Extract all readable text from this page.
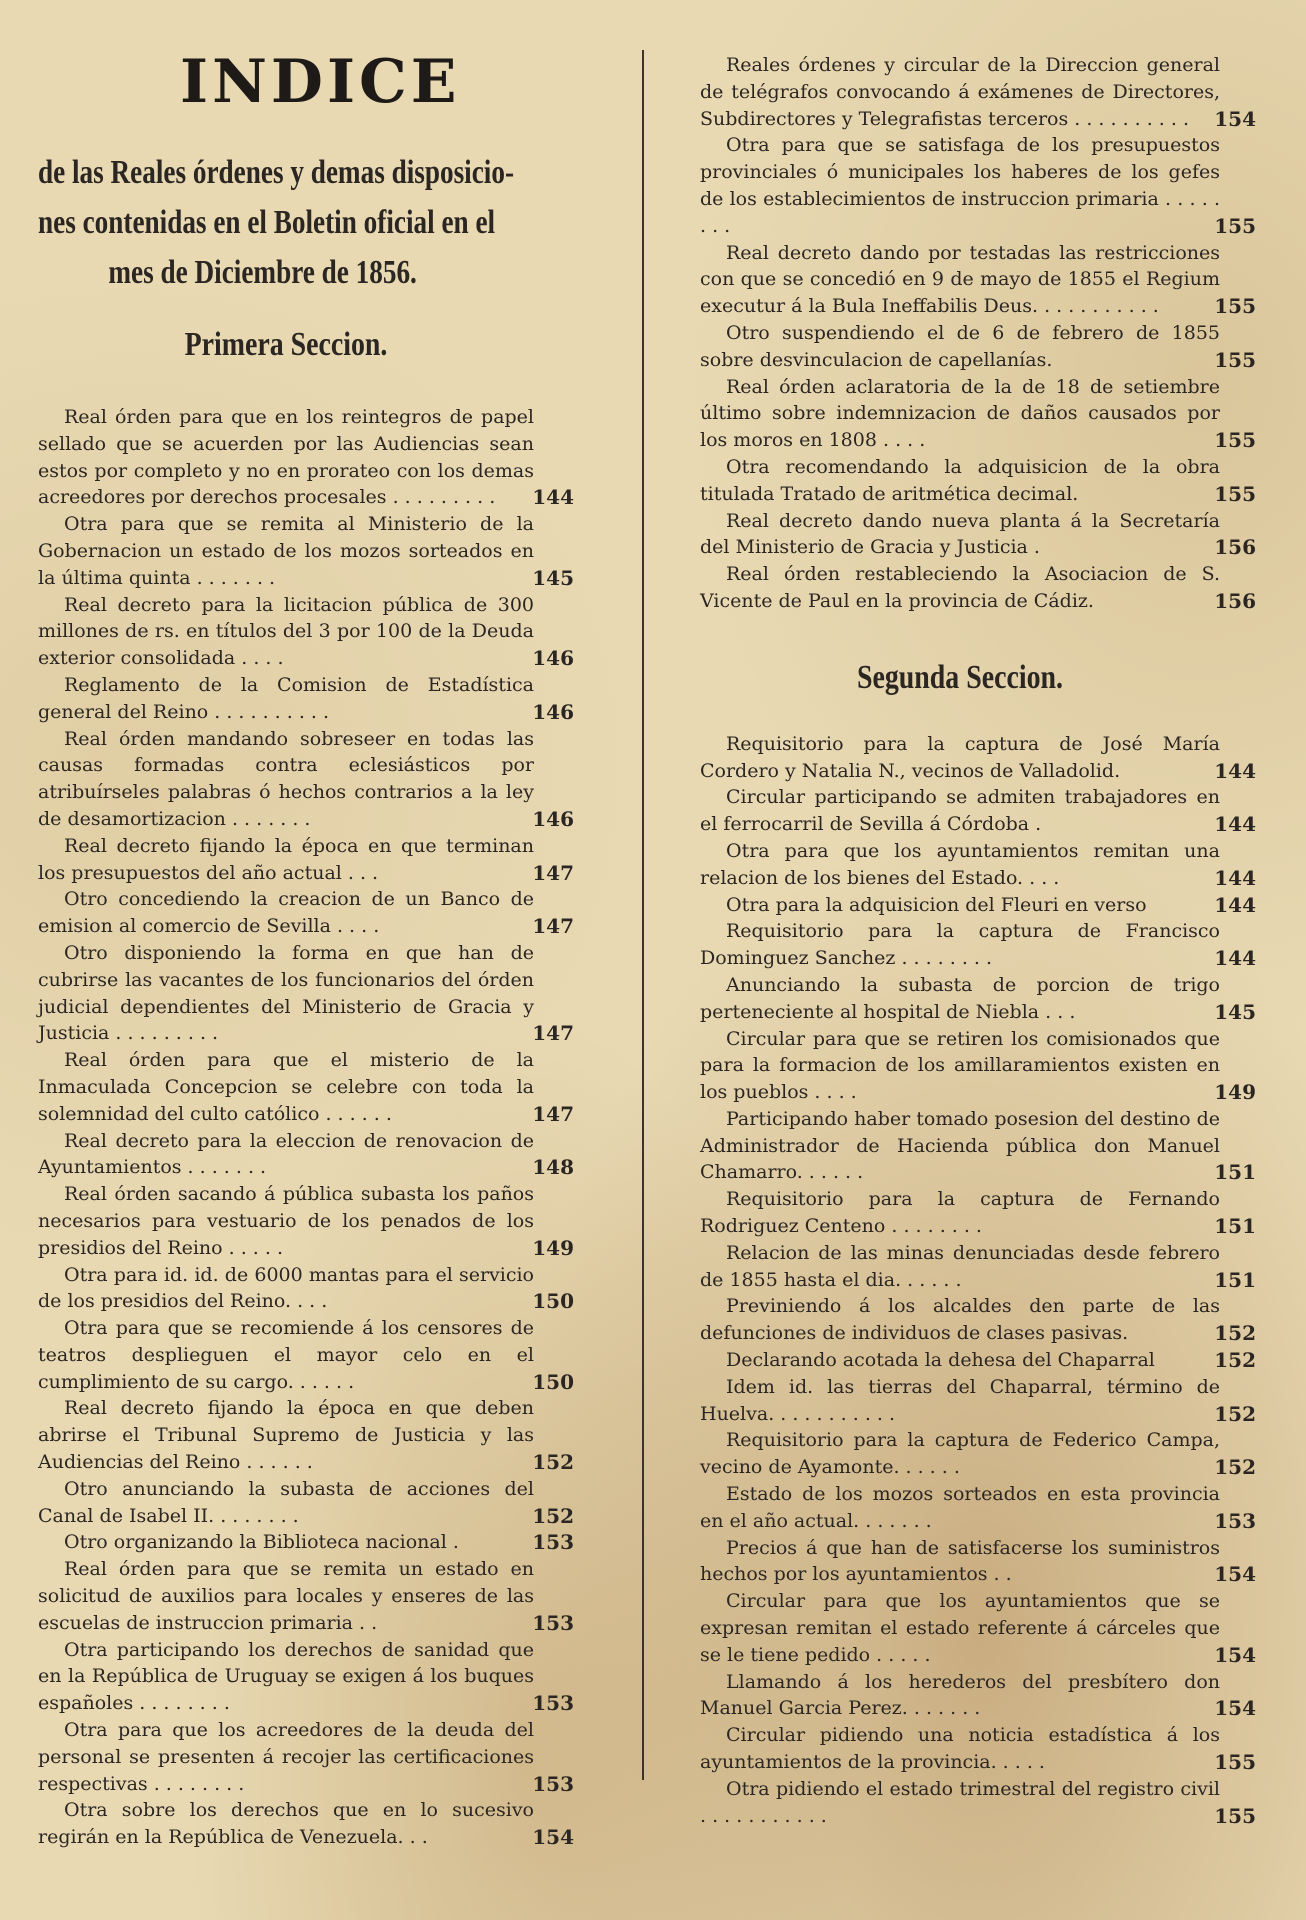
INDICE
de las Reales órdenes y demas disposicio-
nes contenidas en el Boletin oficial en el
mes de Diciembre de 1856.
Primera Seccion.
Real órden para que en los reintegros de papel sellado que se acuerden por las Audiencias sean estos por completo y no en prorateo con los demas acreedores por derechos procesales . . . . . . . . .	144
Otra para que se remita al Ministerio de la Gobernacion un estado de los mozos sorteados en la última quinta . . . . . . .	145
Real decreto para la licitacion pública de 300 millones de rs. en títulos del 3 por 100 de la Deuda exterior consolidada . . . .	146
Reglamento de la Comision de Estadística general del Reino . . . . . . . . . .	146
Real órden mandando sobreseer en todas las causas formadas contra eclesiásticos por atribuírseles palabras ó hechos contrarios a la ley de desamortizacion . . . . . . .	146
Real decreto fijando la época en que terminan los presupuestos del año actual . . .	147
Otro concediendo la creacion de un Banco de emision al comercio de Sevilla . . . .	147
Otro disponiendo la forma en que han de cubrirse las vacantes de los funcionarios del órden judicial dependientes del Ministerio de Gracia y Justicia . . . . . . . . .	147
Real órden para que el misterio de la Inmaculada Concepcion se celebre con toda la solemnidad del culto católico . . . . . .	147
Real decreto para la eleccion de renovacion de Ayuntamientos . . . . . . .	148
Real órden sacando á pública subasta los paños necesarios para vestuario de los penados de los presidios del Reino . . . . .	149
Otra para id. id. de 6000 mantas para el servicio de los presidios del Reino. . . .	150
Otra para que se recomiende á los censores de teatros desplieguen el mayor celo en el cumplimiento de su cargo. . . . . .	150
Real decreto fijando la época en que deben abrirse el Tribunal Supremo de Justicia y las Audiencias del Reino . . . . . .	152
Otro anunciando la subasta de acciones del Canal de Isabel II. . . . . . . .	152
Otro organizando la Biblioteca nacional .	153
Real órden para que se remita un estado en solicitud de auxilios para locales y enseres de las escuelas de instruccion primaria . .	153
Otra participando los derechos de sanidad que en la República de Uruguay se exigen á los buques españoles . . . . . . . .	153
Otra para que los acreedores de la deuda del personal se presenten á recojer las certificaciones respectivas . . . . . . . .	153
Otra sobre los derechos que en lo sucesivo regirán en la República de Venezuela. . .	154
Reales órdenes y circular de la Direccion general de telégrafos convocando á exámenes de Directores, Subdirectores y Telegrafistas terceros . . . . . . . . . .	154
Otra para que se satisfaga de los presupuestos provinciales ó municipales los haberes de los gefes de los establecimientos de instruccion primaria . . . . . . . .	155
Real decreto dando por testadas las restricciones con que se concedió en 9 de mayo de 1855 el Regium executur á la Bula Ineffabilis Deus. . . . . . . . . . .	155
Otro suspendiendo el de 6 de febrero de 1855 sobre desvinculacion de capellanías.	155
Real órden aclaratoria de la de 18 de setiembre último sobre indemnizacion de daños causados por los moros en 1808 . . . .	155
Otra recomendando la adquisicion de la obra titulada Tratado de aritmética decimal.	155
Real decreto dando nueva planta á la Secretaría del Ministerio de Gracia y Justicia .	156
Real órden restableciendo la Asociacion de S. Vicente de Paul en la provincia de Cádiz.	156
Segunda Seccion.
Requisitorio para la captura de José María Cordero y Natalia N., vecinos de Valladolid.	144
Circular participando se admiten trabajadores en el ferrocarril de Sevilla á Córdoba .	144
Otra para que los ayuntamientos remitan una relacion de los bienes del Estado. . . .	144
Otra para la adquisicion del Fleuri en verso	144
Requisitorio para la captura de Francisco Dominguez Sanchez . . . . . . . .	144
Anunciando la subasta de porcion de trigo perteneciente al hospital de Niebla . . .	145
Circular para que se retiren los comisionados que para la formacion de los amillaramientos existen en los pueblos . . . .	149
Participando haber tomado posesion del destino de Administrador de Hacienda pública don Manuel Chamarro. . . . . .	151
Requisitorio para la captura de Fernando Rodriguez Centeno . . . . . . . .	151
Relacion de las minas denunciadas desde febrero de 1855 hasta el dia. . . . . .	151
Previniendo á los alcaldes den parte de las defunciones de individuos de clases pasivas.	152
Declarando acotada la dehesa del Chaparral	152
Idem id. las tierras del Chaparral, término de Huelva. . . . . . . . . . .	152
Requisitorio para la captura de Federico Campa, vecino de Ayamonte. . . . . .	152
Estado de los mozos sorteados en esta provincia en el año actual. . . . . . .	153
Precios á que han de satisfacerse los suministros hechos por los ayuntamientos . .	154
Circular para que los ayuntamientos que se expresan remitan el estado referente á cárceles que se le tiene pedido . . . . .	154
Llamando á los herederos del presbítero don Manuel Garcia Perez. . . . . . .	154
Circular pidiendo una noticia estadística á los ayuntamientos de la provincia. . . . .	155
Otra pidiendo el estado trimestral del registro civil . . . . . . . . . . .	155
